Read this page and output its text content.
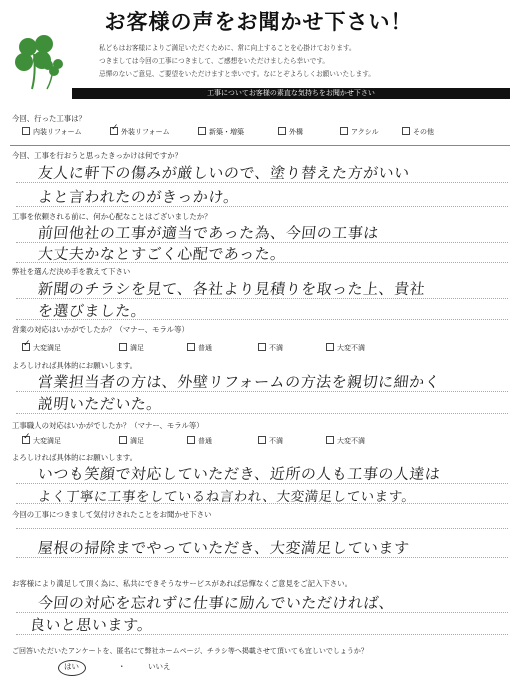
お客様の声をお聞かせ下さい！
私どもはお客様によりご満足いただくために、常に向上することを心掛けております。
つきましては今回の工事につきまして、ご感想をいただけましたら幸いです。
忌憚のないご意見、ご要望をいただけますと幸いです。なにとぞよろしくお願いいたします。
工事についてお客様の素直な気持ちをお聞かせ下さい
今回、行った工事は？
内装リフォーム	✓ 外装リフォーム	新築・増築	外構	アクシル	その他
今回、工事を行おうと思ったきっかけは何ですか？
友人に軒下の傷みが厳しいので、塗り替えた方がいい
よと言われたのがきっかけ。
工事を依頼される前に、何か心配なことはございましたか？
前回他社の工事が適当であった為、今回の工事は
大丈夫かなとすごく心配であった。
弊社を選んだ決め手を教えて下さい
新聞のチラシを見て、各社より見積りを取った上、貴社
を選びました。
営業の対応はいかがでしたか？（マナー、モラル等）
✓ 大変満足	満足	普通	不満	大変不満
よろしければ具体的にお願いします。
営業担当者の方は、外壁リフォームの方法を親切に細かく
説明いただいた。
工事職人の対応はいかがでしたか？（マナー、モラル等）
✓ 大変満足	満足	普通	不満	大変不満
よろしければ具体的にお願いします。
いつも笑顔で対応していただき、近所の人も工事の人達は
よく丁寧に工事をしているね言われ、大変満足しています。
今回の工事につきまして気付けされたことをお聞かせ下さい
屋根の掃除までやっていただき、大変満足しています
お客様により満足して頂く為に、私共にできそうなサービスがあれば忌憚なくご意見をご記入下さい。
今回の対応を忘れずに仕事に励んでいただければ、
良いと思います。
ご回答いただいたアンケートを、匿名にて弊社ホームページ、チラシ等へ掲載させて頂いても宜しいでしょうか？
はい	・	いいえ
